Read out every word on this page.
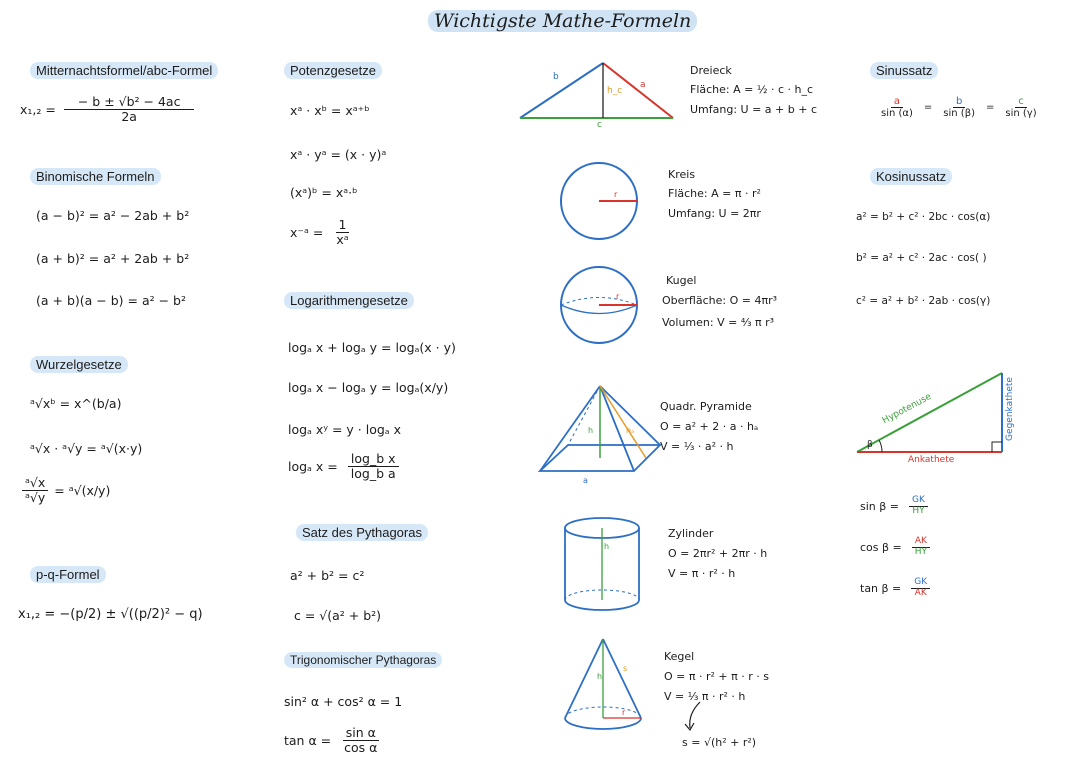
Wichtigste Mathe-Formeln
Mitternachtsformel/abc-Formel
$x_1,_2 = \frac{\text{− b ± √b² − 4ac}}{2a}$
Binomische Formeln
(a − b)² = a² − 2ab + b²
(a + b)² = a² + 2ab + b²
(a + b)(a − b) = a² − b²
Wurzelgesetze
ᵃ√xᵇ = x^(b/a)
ᵃ√x · ᵃ√y = ᵃ√(x·y)
$\frac{\text{ᵃ√x}}{\text{ᵃ√y}}$ = ᵃ√(x/y)
p-q-Formel
x₁,₂ = −(p/2) ± √((p/2)² − q)
Potenzgesetze
xᵃ · xᵇ = xᵃ⁺ᵇ
xᵃ · yᵃ = (x · y)ᵃ
(xᵃ)ᵇ = xᵃ·ᵇ
x⁻ᵃ = $\frac{1}{\text{xᵃ}}$
Logarithmengesetze
logₐ x + logₐ y = logₐ(x · y)
logₐ x − logₐ y = logₐ(x/y)
logₐ xʸ = y · logₐ x
logₐ $x = \frac{\text{log\_b x}}{\text{log\_b a}}$
Satz des Pythagoras
a² + b² = c²
c = √(a² + b²)
Trigonomischer Pythagoras
sin² α + cos² α = 1
$\tan \alpha = \frac{\text{sin α}}{\text{cos α}}$
b
a
c
h_c
Dreieck
Fläche: A = ½ · c · h_c
Umfang: U = a + b + c
r
Kreis
Fläche: A = π · r²
Umfang: U = 2πr
r
Kugel
Oberfläche: O = 4πr³
Volumen: V = ⁴⁄₃ π r³
h	hₐ
a
Quadr. Pyramide
O = a² + 2 · a · hₐ
V = ⅓ · a² · h
h
Zylinder
O = 2πr² + 2πr · h
V = π · r² · h
h
s
r
Kegel
O = π · r² + π · r · s
V = ⅓ π · r² · h
s = √(h² + r²)
Sinussatz
$\frac{a}{\sin (\alpha)} = \frac{b}{\sin (\beta)} = \frac{c}{\sin (\gamma)}$
Kosinussatz
a² = b² + c² · 2bc · cos(α)
b² = a² + c² · 2ac · cos( )
c² = a² + b² · 2ab · cos(γ)
Hypotenuse	Gegenkathete
Ankathete
β
$\sin \beta = \frac{GK}{HY}$
$\cos \beta = \frac{AK}{HY}$
$\tan \beta = \frac{GK}{AK}$
